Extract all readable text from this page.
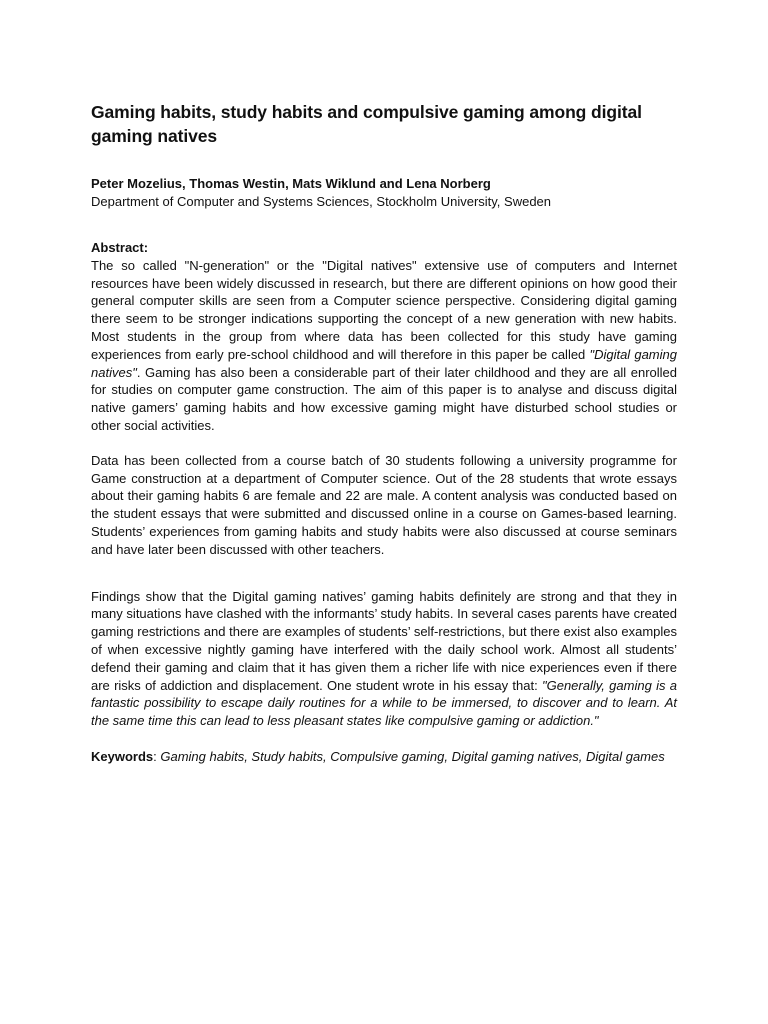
Gaming habits, study habits and compulsive gaming among digital gaming natives
Peter Mozelius, Thomas Westin, Mats Wiklund and Lena Norberg
Department of Computer and Systems Sciences, Stockholm University, Sweden
Abstract:

The so called "N-generation" or the "Digital natives" extensive use of computers and Internet resources have been widely discussed in research, but there are different opinions on how good their general computer skills are seen from a Computer science perspective. Considering digital gaming there seem to be stronger indications supporting the concept of a new generation with new habits. Most students in the group from where data has been collected for this study have gaming experiences from early pre-school childhood and will therefore in this paper be called "Digital gaming natives". Gaming has also been a considerable part of their later childhood and they are all enrolled for studies on computer game construction. The aim of this paper is to analyse and discuss digital native gamers’ gaming habits and how excessive gaming might have disturbed school studies or other social activities.

Data has been collected from a course batch of 30 students following a university programme for Game construction at a department of Computer science. Out of the 28 students that wrote essays about their gaming habits 6 are female and 22 are male. A content analysis was conducted based on the student essays that were submitted and discussed online in a course on Games-based learning. Students’ experiences from gaming habits and study habits were also discussed at course seminars and have later been discussed with other teachers.

Findings show that the Digital gaming natives’ gaming habits definitely are strong and that they in many situations have clashed with the informants’ study habits. In several cases parents have created gaming restrictions and there are examples of students’ self-restrictions, but there exist also examples of when excessive nightly gaming have interfered with the daily school work. Almost all students’ defend their gaming and claim that it has given them a richer life with nice experiences even if there are risks of addiction and displacement. One student wrote in his essay that: "Generally, gaming is a fantastic possibility to escape daily routines for a while to be immersed, to discover and to learn. At the same time this can lead to less pleasant states like compulsive gaming or addiction."

Keywords: Gaming habits, Study habits, Compulsive gaming, Digital gaming natives, Digital games
